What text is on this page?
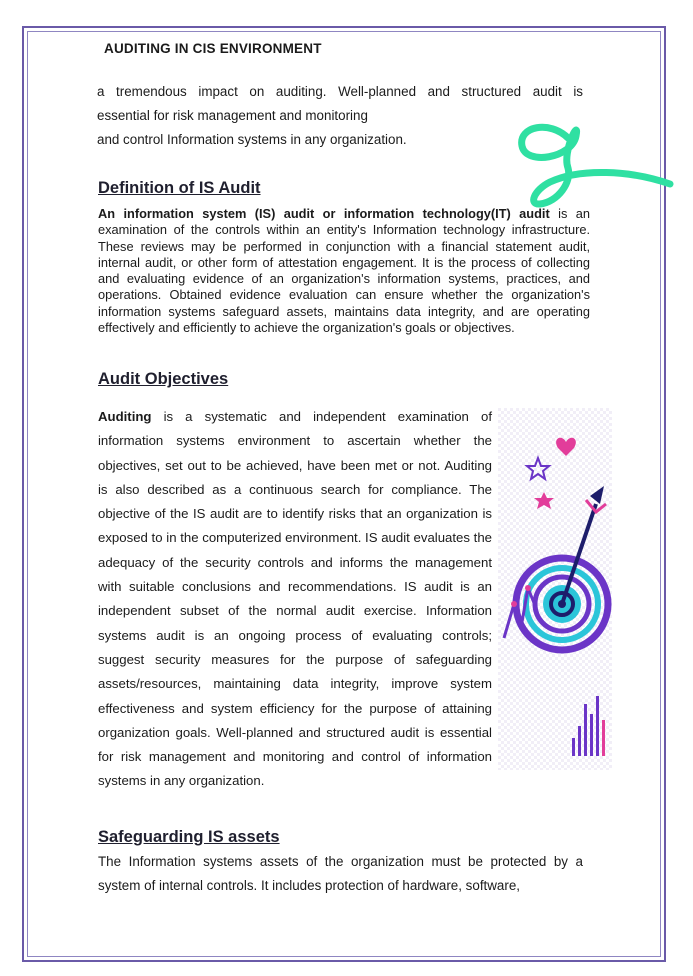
AUDITING IN CIS ENVIRONMENT
a tremendous impact on auditing. Well-planned and structured audit is
essential for risk management and monitoring
and control Information systems in any organization.
Definition of IS Audit
An information system (IS) audit or information technology(IT) audit is an examination of the controls within an entity's Information technology infrastructure. These reviews may be performed in conjunction with a financial statement audit, internal audit, or other form of attestation engagement. It is the process of collecting and evaluating evidence of an organization's information systems, practices, and operations. Obtained evidence evaluation can ensure whether the organization's information systems safeguard assets, maintains data integrity, and are operating effectively and efficiently to achieve the organization's goals or objectives.
Audit Objectives
Auditing is a systematic and independent examination of information systems environment to ascertain whether the objectives, set out to be achieved, have been met or not. Auditing is also described as a continuous search for compliance. The objective of the IS audit are to identify risks that an organization is exposed to in the computerized environment. IS audit evaluates the adequacy of the security controls and informs the management with suitable conclusions and recommendations. IS audit is an independent subset of the normal audit exercise. Information systems audit is an ongoing process of evaluating controls; suggest security measures for the purpose of safeguarding assets/resources, maintaining data integrity, improve system effectiveness and system efficiency for the purpose of attaining organization goals. Well-planned and structured audit is essential for risk management and monitoring and control of information systems in any organization.
Safeguarding IS assets
The Information systems assets of the organization must be protected by a system of internal controls. It includes protection of hardware, software,
